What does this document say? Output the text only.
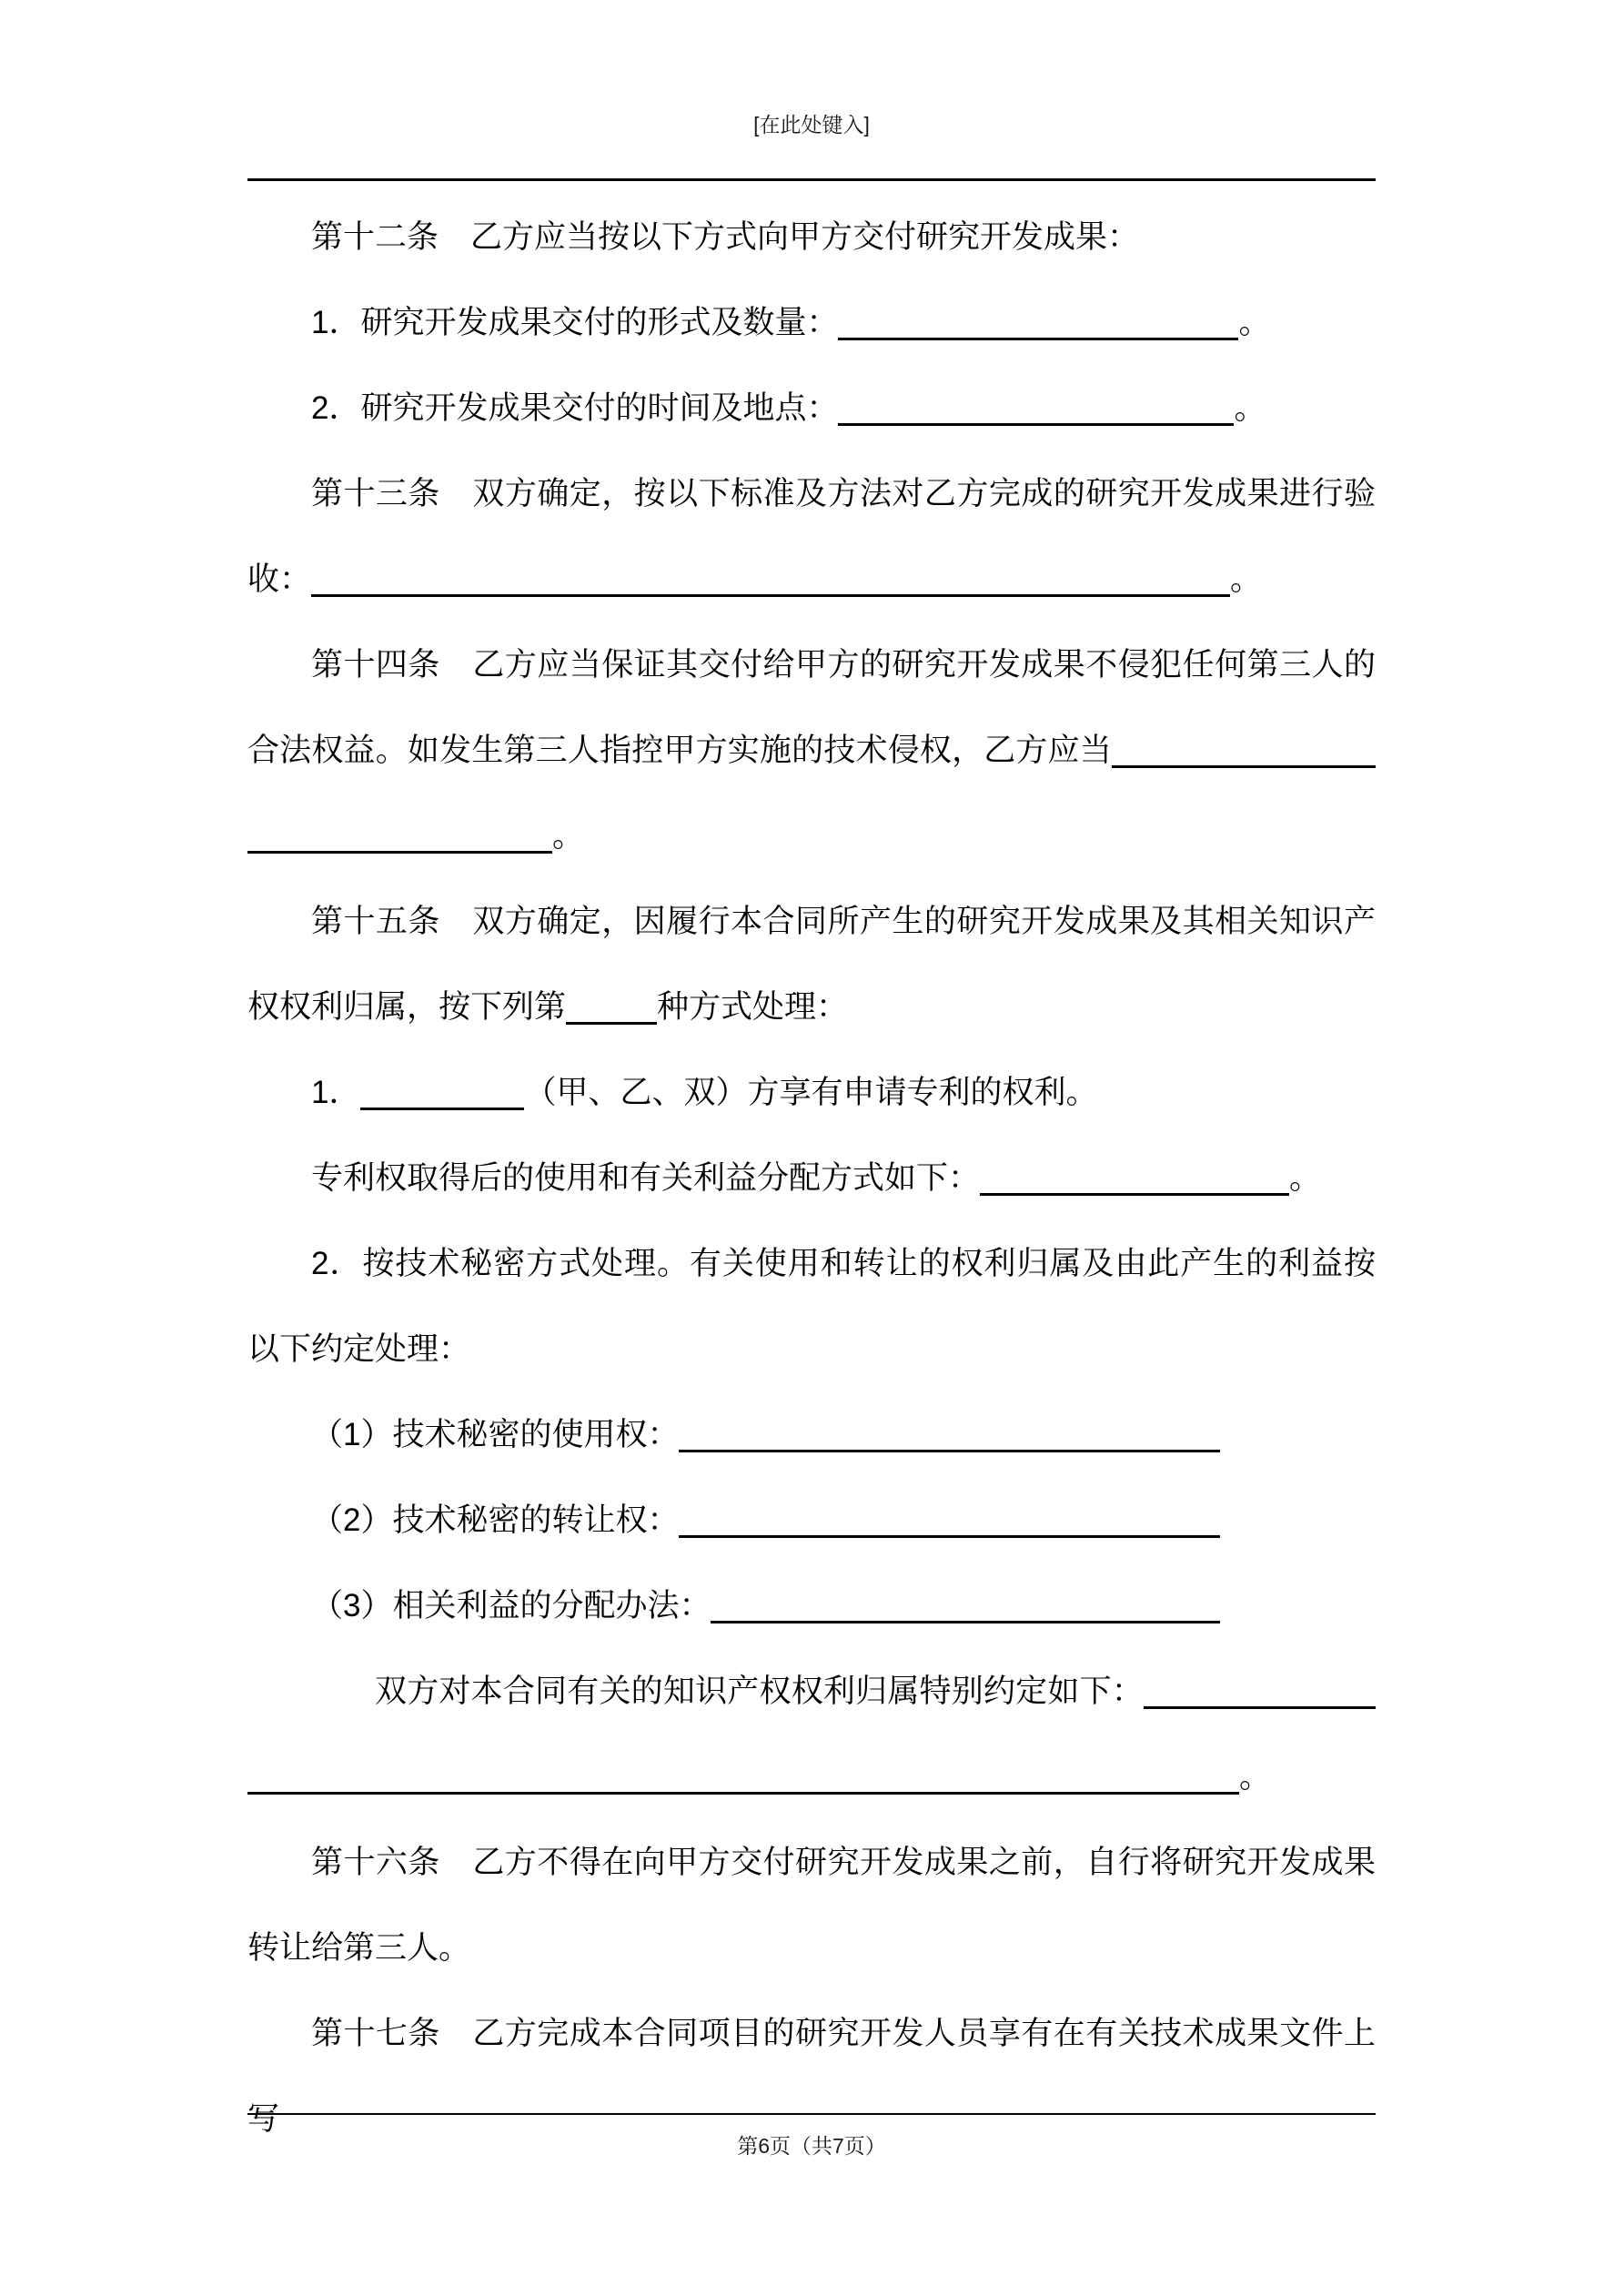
[在此处键入]

第十二条　乙方应当按以下方式向甲方交付研究开发成果：

1．研究开发成果交付的形式及数量：	。

2．研究开发成果交付的时间及地点：	。

第十三条　双方确定，按以下标准及方法对乙方完成的研究开发成果进行验收：	。

第十四条　乙方应当保证其交付给甲方的研究开发成果不侵犯任何第三人的合法权益。如发生第三人指控甲方实施的技术侵权，乙方应当。

第十五条　双方确定，因履行本合同所产生的研究开发成果及其相关知识产权权利归属，按下列第	种方式处理：

1．	（甲、乙、双）方享有申请专利的权利。

专利权取得后的使用和有关利益分配方式如下：	。

2．按技术秘密方式处理。有关使用和转让的权利归属及由此产生的利益按以下约定处理：

（1）技术秘密的使用权：

（2）技术秘密的转让权：

（3）相关利益的分配办法：

双方对本合同有关的知识产权权利归属特别约定如下：。

第十六条　乙方不得在向甲方交付研究开发成果之前，自行将研究开发成果转让给第三人。

第十七条　乙方完成本合同项目的研究开发人员享有在有关技术成果文件上写

第6页（共7页）
